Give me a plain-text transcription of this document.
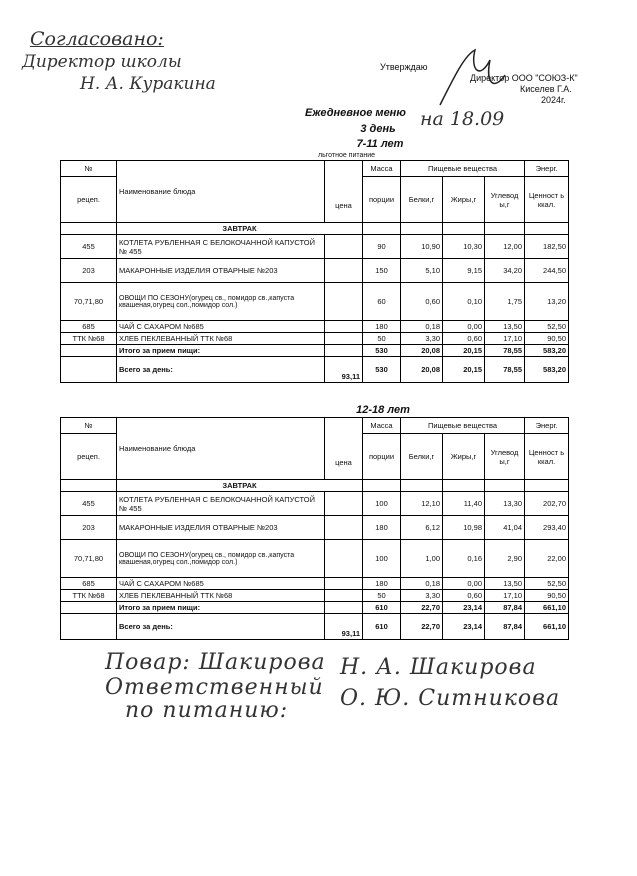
Согласовано:
Директор школы
Н. А. Куракина
Утверждаю
Директор ООО "СОЮЗ-К"
Киселев Г.А.
2024г.
Ежедневное меню на 18.09
3 день
7-11 лет
льготное питание
№	Наименование блюда	цена	Масса	Пищевые вещества			Энерг.
рецеп.			порции	Белки,г	Жиры,г	Углевод ы,г	Ценност ь ккал.
	ЗАВТРАК						
455	КОТЛЕТА РУБЛЕННАЯ С БЕЛОКОЧАННОЙ КАПУСТОЙ № 455		90	10,90	10,30	12,00	182,50
203	МАКАРОННЫЕ ИЗДЕЛИЯ ОТВАРНЫЕ №203		150	5,10	9,15	34,20	244,50
70,71,80	ОВОЩИ ПО СЕЗОНУ(огурец св., помидор св.,капуста квашеная,огурец сол.,помидор сол.)		60	0,60	0,10	1,75	13,20
685	ЧАЙ С САХАРОМ №685		180	0,18	0,00	13,50	52,50
ТТК №68	ХЛЕБ ПЕКЛЕВАННЫЙ ТТК №68		50	3,30	0,60	17,10	90,50
	Итого за прием пищи:		530	20,08	20,15	78,55	583,20
	Всего за день:	93,11	530	20,08	20,15	78,55	583,20
12-18 лет
№	Наименование блюда	цена	Масса	Пищевые вещества			Энерг.
рецеп.			порции	Белки,г	Жиры,г	Углевод ы,г	Ценност ь ккал.
	ЗАВТРАК						
455	КОТЛЕТА РУБЛЕННАЯ С БЕЛОКОЧАННОЙ КАПУСТОЙ № 455		100	12,10	11,40	13,30	202,70
203	МАКАРОННЫЕ ИЗДЕЛИЯ ОТВАРНЫЕ №203		180	6,12	10,98	41,04	293,40
70,71,80	ОВОЩИ ПО СЕЗОНУ(огурец св., помидор св.,капуста квашеная,огурец сол.,помидор сол.)		100	1,00	0,16	2,90	22,00
685	ЧАЙ С САХАРОМ №685		180	0,18	0,00	13,50	52,50
ТТК №68	ХЛЕБ ПЕКЛЕВАННЫЙ ТТК №68		50	3,30	0,60	17,10	90,50
	Итого за прием пищи:		610	22,70	23,14	87,84	661,10
	Всего за день:	93,11	610	22,70	23,14	87,84	661,10
Повар: Шакирова Н. А. Шакирова
Ответственный
по питанию: О. Ю. Ситникова
